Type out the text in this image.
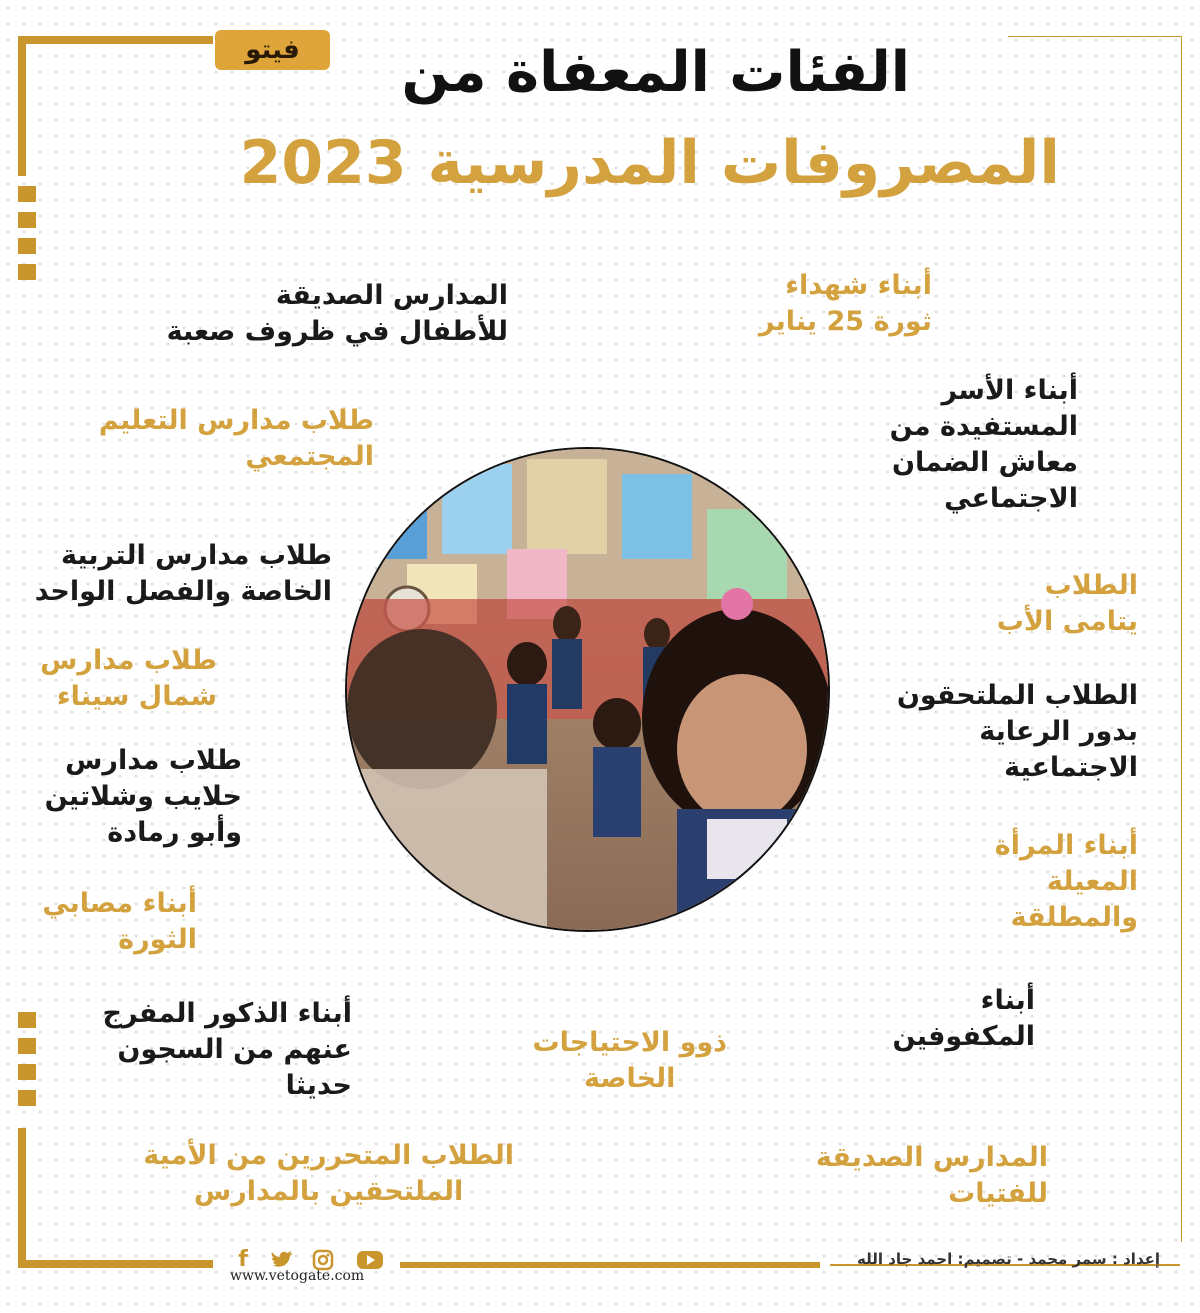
فيتو	الفئات المعفاة من
المصروفات المدرسية 2023
أبناء شهداء
ثورة 25 يناير
أبناء الأسر
المستفيدة من
معاش الضمان
الاجتماعي
الطلاب
يتامى الأب
الطلاب الملتحقون
بدور الرعاية
الاجتماعية
أبناء المرأة
المعيلة
والمطلقة
أبناء
المكفوفين
المدارس الصديقة
للفتيات
المدارس الصديقة
للأطفال في ظروف صعبة
طلاب مدارس التعليم
المجتمعي
طلاب مدارس التربية
الخاصة والفصل الواحد
طلاب مدارس
شمال سيناء
طلاب مدارس
حلايب وشلاتين
وأبو رمادة
أبناء مصابي
الثورة
أبناء الذكور المفرج
عنهم من السجون
حديثا
الطلاب المتحررين من الأمية
الملتحقين بالمدارس
ذوو الاحتياجات
الخاصة
f
www.vetogate.com
إعداد : سمر محمد - تصميم: احمد جاد الله
